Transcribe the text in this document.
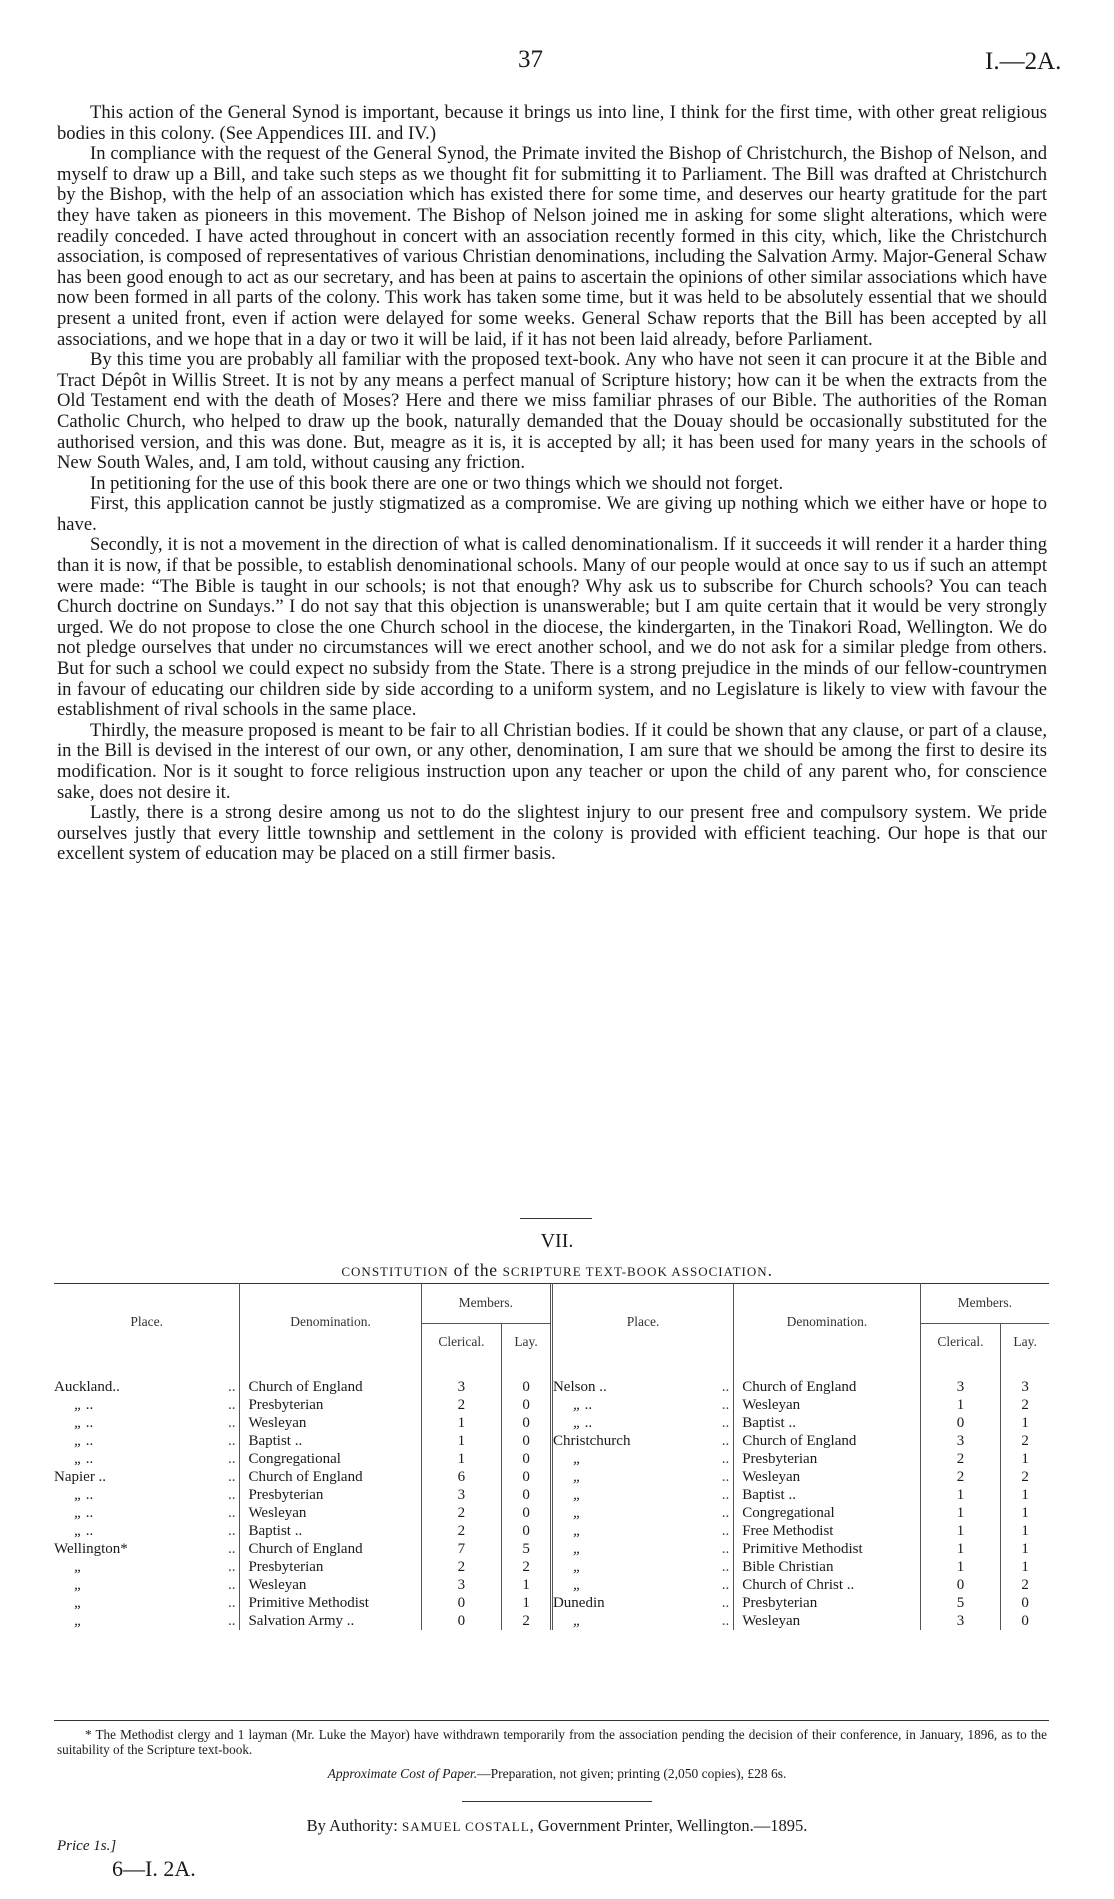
37	I.—2A.

This action of the General Synod is important, because it brings us into line, I think for the first time, with other great religious bodies in this colony. (See Appendices III. and IV.)

In compliance with the request of the General Synod, the Primate invited the Bishop of Christchurch, the Bishop of Nelson, and myself to draw up a Bill, and take such steps as we thought fit for submitting it to Parliament. The Bill was drafted at Christchurch by the Bishop, with the help of an association which has existed there for some time, and deserves our hearty gratitude for the part they have taken as pioneers in this movement. The Bishop of Nelson joined me in asking for some slight alterations, which were readily conceded. I have acted throughout in concert with an association recently formed in this city, which, like the Christchurch association, is composed of representatives of various Christian denominations, including the Salvation Army. Major-General Schaw has been good enough to act as our secretary, and has been at pains to ascertain the opinions of other similar associations which have now been formed in all parts of the colony. This work has taken some time, but it was held to be absolutely essential that we should present a united front, even if action were delayed for some weeks. General Schaw reports that the Bill has been accepted by all associations, and we hope that in a day or two it will be laid, if it has not been laid already, before Parliament.

By this time you are probably all familiar with the proposed text-book. Any who have not seen it can procure it at the Bible and Tract Dépôt in Willis Street. It is not by any means a perfect manual of Scripture history; how can it be when the extracts from the Old Testament end with the death of Moses? Here and there we miss familiar phrases of our Bible. The authorities of the Roman Catholic Church, who helped to draw up the book, naturally demanded that the Douay should be occasionally substituted for the authorised version, and this was done. But, meagre as it is, it is accepted by all; it has been used for many years in the schools of New South Wales, and, I am told, without causing any friction.

In petitioning for the use of this book there are one or two things which we should not forget.

First, this application cannot be justly stigmatized as a compromise. We are giving up nothing which we either have or hope to have.

Secondly, it is not a movement in the direction of what is called denominationalism. If it succeeds it will render it a harder thing than it is now, if that be possible, to establish denominational schools. Many of our people would at once say to us if such an attempt were made: “The Bible is taught in our schools; is not that enough? Why ask us to subscribe for Church schools? You can teach Church doctrine on Sundays.” I do not say that this objection is unanswerable; but I am quite certain that it would be very strongly urged. We do not propose to close the one Church school in the diocese, the kindergarten, in the Tinakori Road, Wellington. We do not pledge ourselves that under no circumstances will we erect another school, and we do not ask for a similar pledge from others. But for such a school we could expect no subsidy from the State. There is a strong prejudice in the minds of our fellow-countrymen in favour of educating our children side by side according to a uniform system, and no Legislature is likely to view with favour the establishment of rival schools in the same place.

Thirdly, the measure proposed is meant to be fair to all Christian bodies. If it could be shown that any clause, or part of a clause, in the Bill is devised in the interest of our own, or any other, denomination, I am sure that we should be among the first to desire its modification. Nor is it sought to force religious instruction upon any teacher or upon the child of any parent who, for conscience sake, does not desire it.

Lastly, there is a strong desire among us not to do the slightest injury to our present free and compulsory system. We pride ourselves justly that every little township and settlement in the colony is provided with efficient teaching. Our hope is that our excellent system of education may be placed on a still firmer basis.

VII.
CONSTITUTION of the SCRIPTURE TEXT-BOOK ASSOCIATION.
Place.	Denomination.	Members.		Place.	Denomination.	Members.	
		Clerical.	Lay.			Clerical.	Lay.

Auckland.. ..	Church of England	3	0	Nelson .. ..	Church of England	3	3
„ .. ..	Presbyterian	2	0	„ .. ..	Wesleyan	1	2
„ .. ..	Wesleyan	1	0	„ .. ..	Baptist ..	0	1
„ .. ..	Baptist ..	1	0	Christchurch ..	Church of England	3	2
„ .. ..	Congregational	1	0	„ ..	Presbyterian	2	1
Napier .. ..	Church of England	6	0	„ ..	Wesleyan	2	2
„ .. ..	Presbyterian	3	0	„ ..	Baptist ..	1	1
„ .. ..	Wesleyan	2	0	„ ..	Congregational	1	1
„ .. ..	Baptist ..	2	0	„ ..	Free Methodist	1	1
Wellington* ..	Church of England	7	5	„ ..	Primitive Methodist	1	1
„ ..	Presbyterian	2	2	„ ..	Bible Christian	1	1
„ ..	Wesleyan	3	1	„ ..	Church of Christ ..	0	2
„ ..	Primitive Methodist	0	1	Dunedin ..	Presbyterian	5	0
„ ..	Salvation Army ..	0	2	„ ..	Wesleyan	3	0
* The Methodist clergy and 1 layman (Mr. Luke the Mayor) have withdrawn temporarily from the association pending the decision of their conference, in January, 1896, as to the suitability of the Scripture text-book.
Approximate Cost of Paper.—Preparation, not given; printing (2,050 copies), £28 6s.
By Authority: SAMUEL COSTALL, Government Printer, Wellington.—1895.
Price 1s.]
6—I. 2A.
